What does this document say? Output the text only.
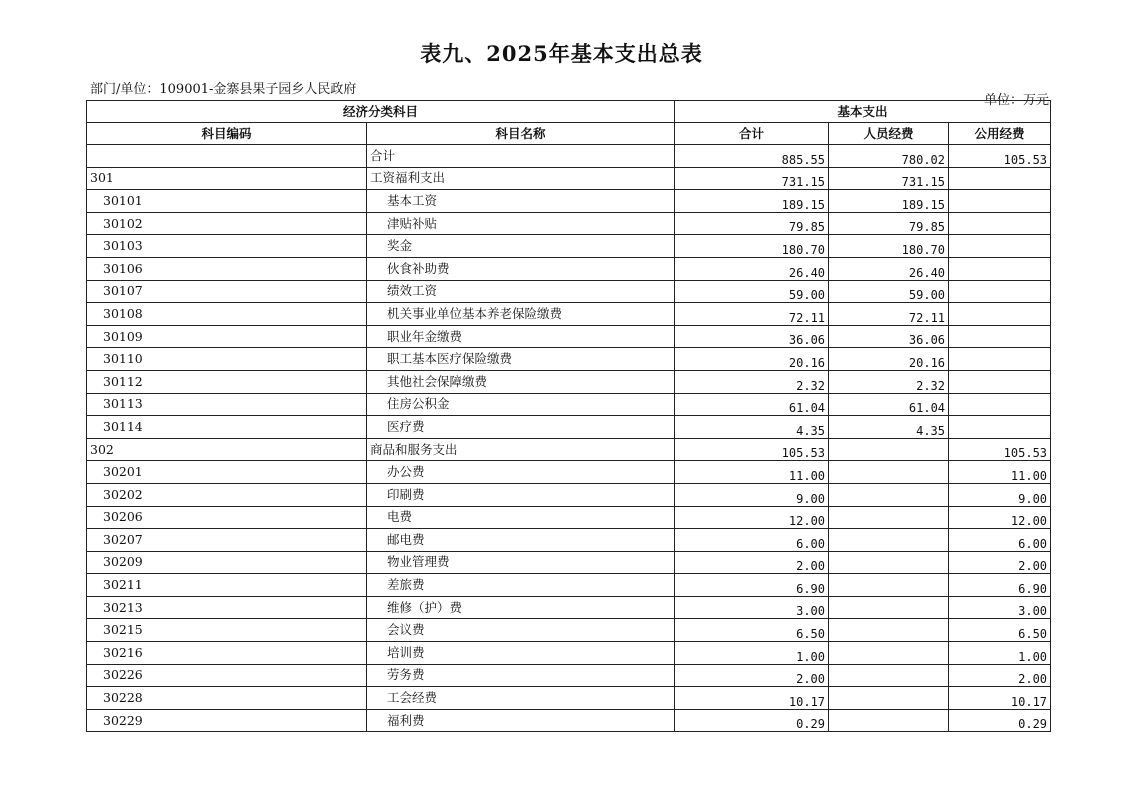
表九、2025年基本支出总表
部门/单位：109001-金寨县果子园乡人民政府
单位：万元
经济分类科目		基本支出		
科目编码	科目名称	合计	人员经费	公用经费
	合计	885.55	780.02	105.53
301	工资福利支出	731.15	731.15	
30101	基本工资	189.15	189.15	
30102	津贴补贴	79.85	79.85	
30103	奖金	180.70	180.70	
30106	伙食补助费	26.40	26.40	
30107	绩效工资	59.00	59.00	
30108	机关事业单位基本养老保险缴费	72.11	72.11	
30109	职业年金缴费	36.06	36.06	
30110	职工基本医疗保险缴费	20.16	20.16	
30112	其他社会保障缴费	2.32	2.32	
30113	住房公积金	61.04	61.04	
30114	医疗费	4.35	4.35	
302	商品和服务支出	105.53		105.53
30201	办公费	11.00		11.00
30202	印刷费	9.00		9.00
30206	电费	12.00		12.00
30207	邮电费	6.00		6.00
30209	物业管理费	2.00		2.00
30211	差旅费	6.90		6.90
30213	维修（护）费	3.00		3.00
30215	会议费	6.50		6.50
30216	培训费	1.00		1.00
30226	劳务费	2.00		2.00
30228	工会经费	10.17		10.17
30229	福利费	0.29		0.29
